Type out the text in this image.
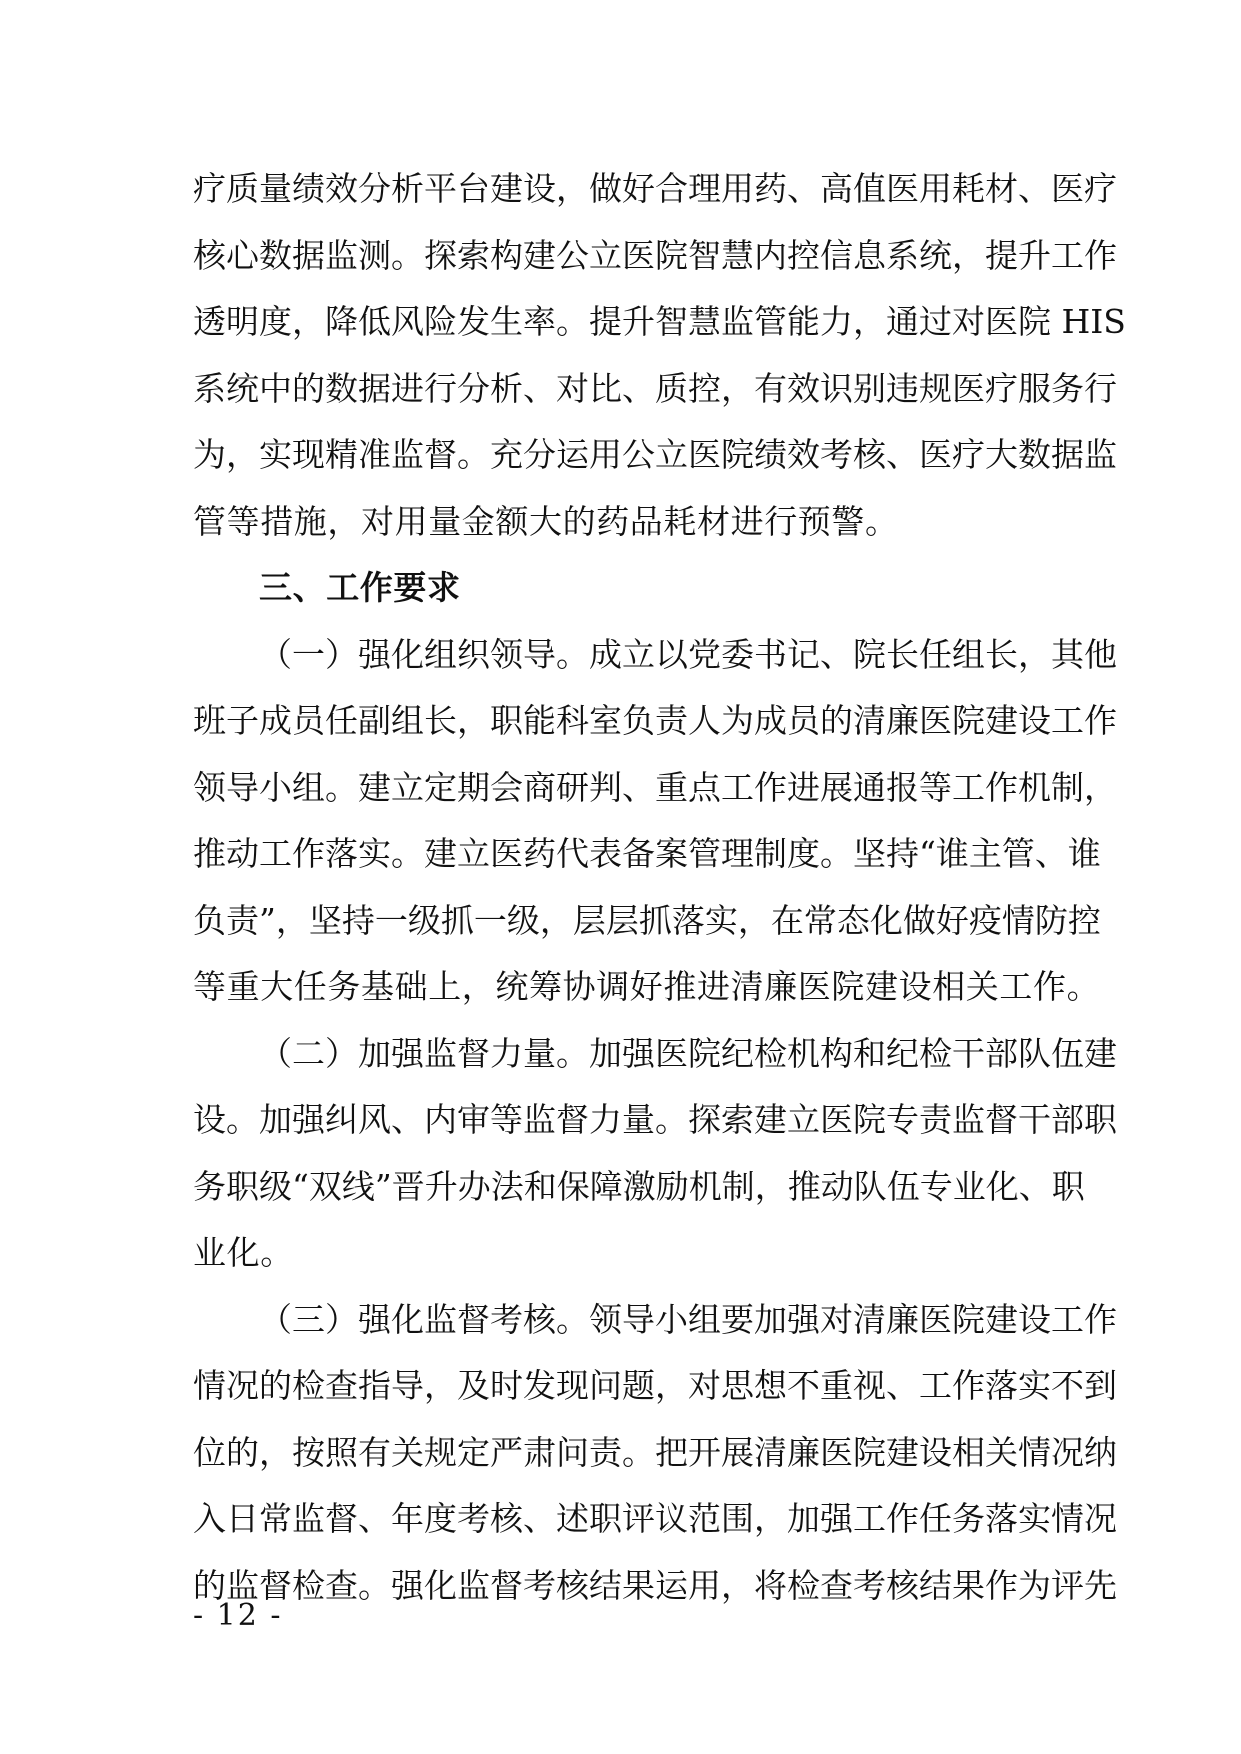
疗质量绩效分析平台建设，做好合理用药、高值医用耗材、医疗
核心数据监测。探索构建公立医院智慧内控信息系统，提升工作
透明度，降低风险发生率。提升智慧监管能力，通过对医院 HIS
系统中的数据进行分析、对比、质控，有效识别违规医疗服务行
为，实现精准监督。充分运用公立医院绩效考核、医疗大数据监
管等措施，对用量金额大的药品耗材进行预警。
三、工作要求
（一）强化组织领导。成立以党委书记、院长任组长，其他
班子成员任副组长，职能科室负责人为成员的清廉医院建设工作
领导小组。建立定期会商研判、重点工作进展通报等工作机制，
推动工作落实。建立医药代表备案管理制度。坚持“谁主管、谁
负责”，坚持一级抓一级，层层抓落实，在常态化做好疫情防控
等重大任务基础上，统筹协调好推进清廉医院建设相关工作。
（二）加强监督力量。加强医院纪检机构和纪检干部队伍建
设。加强纠风、内审等监督力量。探索建立医院专责监督干部职
务职级“双线”晋升办法和保障激励机制，推动队伍专业化、职
业化。
（三）强化监督考核。领导小组要加强对清廉医院建设工作
情况的检查指导，及时发现问题，对思想不重视、工作落实不到
位的，按照有关规定严肃问责。把开展清廉医院建设相关情况纳
入日常监督、年度考核、述职评议范围，加强工作任务落实情况
的监督检查。强化监督考核结果运用，将检查考核结果作为评先
- 12 -
